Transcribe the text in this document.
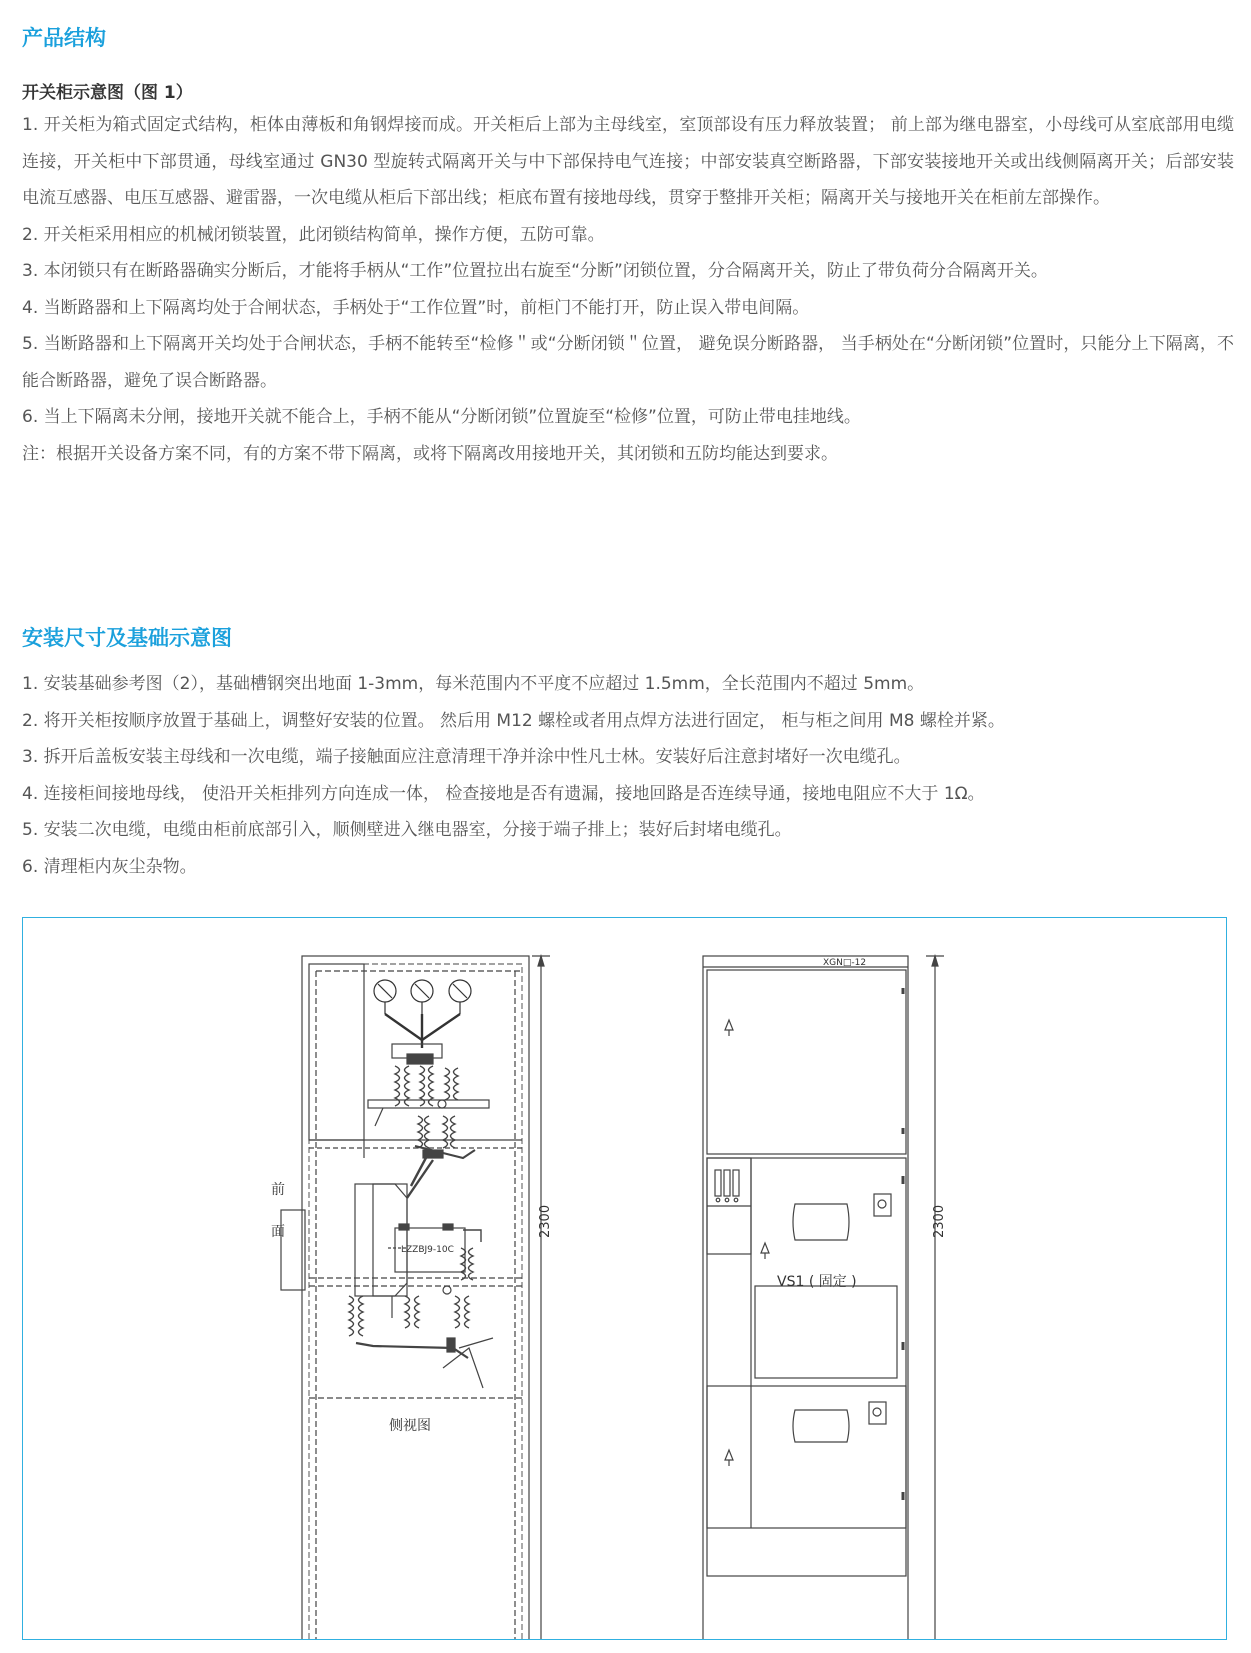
产品结构
开关柜示意图（图 1）

1. 开关柜为箱式固定式结构，柜体由薄板和角钢焊接而成。开关柜后上部为主母线室，室顶部设有压力释放装置； 前上部为继电器室，小母线可从室底部用电缆连接，开关柜中下部贯通，母线室通过 GN30 型旋转式隔离开关与中下部保持电气连接；中部安装真空断路器，下部安装接地开关或出线侧隔离开关；后部安装电流互感器、电压互感器、避雷器，一次电缆从柜后下部出线；柜底布置有接地母线，贯穿于整排开关柜；隔离开关与接地开关在柜前左部操作。

2. 开关柜采用相应的机械闭锁装置，此闭锁结构简单，操作方便，五防可靠。

3. 本闭锁只有在断路器确实分断后，才能将手柄从“工作”位置拉出右旋至“分断”闭锁位置，分合隔离开关，防止了带负荷分合隔离开关。

4. 当断路器和上下隔离均处于合闸状态，手柄处于“工作位置”时，前柜门不能打开，防止误入带电间隔。

5. 当断路器和上下隔离开关均处于合闸状态，手柄不能转至“检修＂或“分断闭锁＂位置， 避免误分断路器， 当手柄处在“分断闭锁”位置时，只能分上下隔离，不能合断路器，避免了误合断路器。

6. 当上下隔离未分闸，接地开关就不能合上，手柄不能从“分断闭锁”位置旋至“检修”位置，可防止带电挂地线。

注：根据开关设备方案不同，有的方案不带下隔离，或将下隔离改用接地开关，其闭锁和五防均能达到要求。

安装尺寸及基础示意图

1. 安装基础参考图（2），基础槽钢突出地面 1-3mm，每米范围内不平度不应超过 1.5mm，全长范围内不超过 5mm。

2. 将开关柜按顺序放置于基础上，调整好安装的位置。 然后用 M12 螺栓或者用点焊方法进行固定， 柜与柜之间用 M8 螺栓并紧。

3. 拆开后盖板安装主母线和一次电缆，端子接触面应注意清理干净并涂中性凡士林。安装好后注意封堵好一次电缆孔。

4. 连接柜间接地母线， 使沿开关柜排列方向连成一体， 检查接地是否有遗漏，接地回路是否连续导通，接地电阻应不大于 1Ω。

5. 安装二次电缆，电缆由柜前底部引入，顺侧壁进入继电器室，分接于端子排上；装好后封堵电缆孔。

6. 清理柜内灰尘杂物。

前
面	2300
LZZBJ9-10C
侧视图
XGN□-12
2300
VS1 ( 固定 )
